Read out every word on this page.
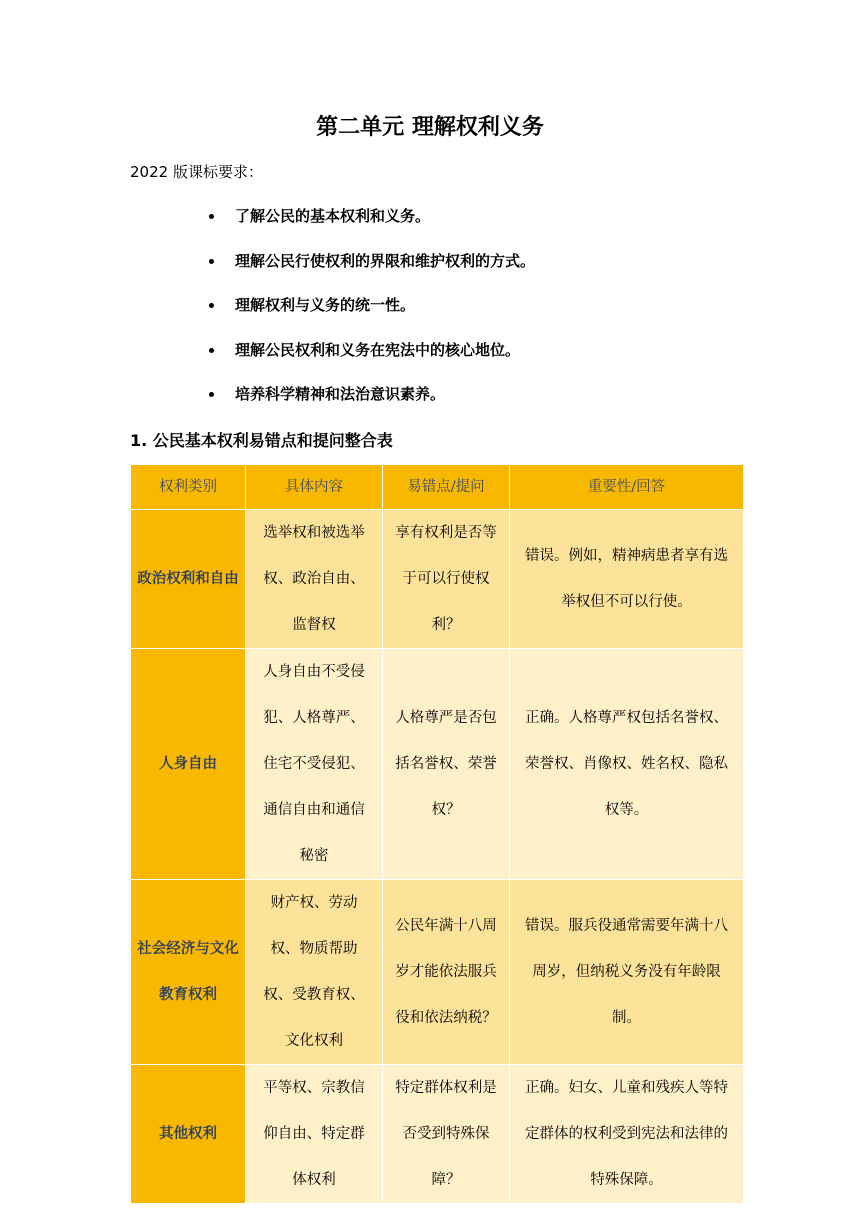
第二单元 理解权利义务
2022 版课标要求：
了解公民的基本权利和义务。
理解公民行使权利的界限和维护权利的方式。
理解权利与义务的统一性。
理解公民权利和义务在宪法中的核心地位。
培养科学精神和法治意识素养。
1. 公民基本权利易错点和提问整合表
权利类别	具体内容	易错点/提问	重要性/回答
政治权利和自由	选举权和被选举权、政治自由、监督权	享有权利是否等于可以行使权利？	错误。例如，精神病患者享有选举权但不可以行使。
人身自由	人身自由不受侵犯、人格尊严、住宅不受侵犯、通信自由和通信秘密	人格尊严是否包括名誉权、荣誉权？	正确。人格尊严权包括名誉权、荣誉权、肖像权、姓名权、隐私权等。
社会经济与文化教育权利	财产权、劳动权、物质帮助权、受教育权、文化权利	公民年满十八周岁才能依法服兵役和依法纳税？	错误。服兵役通常需要年满十八周岁，但纳税义务没有年龄限制。
其他权利	平等权、宗教信仰自由、特定群体权利	特定群体权利是否受到特殊保障？	正确。妇女、儿童和残疾人等特定群体的权利受到宪法和法律的特殊保障。
